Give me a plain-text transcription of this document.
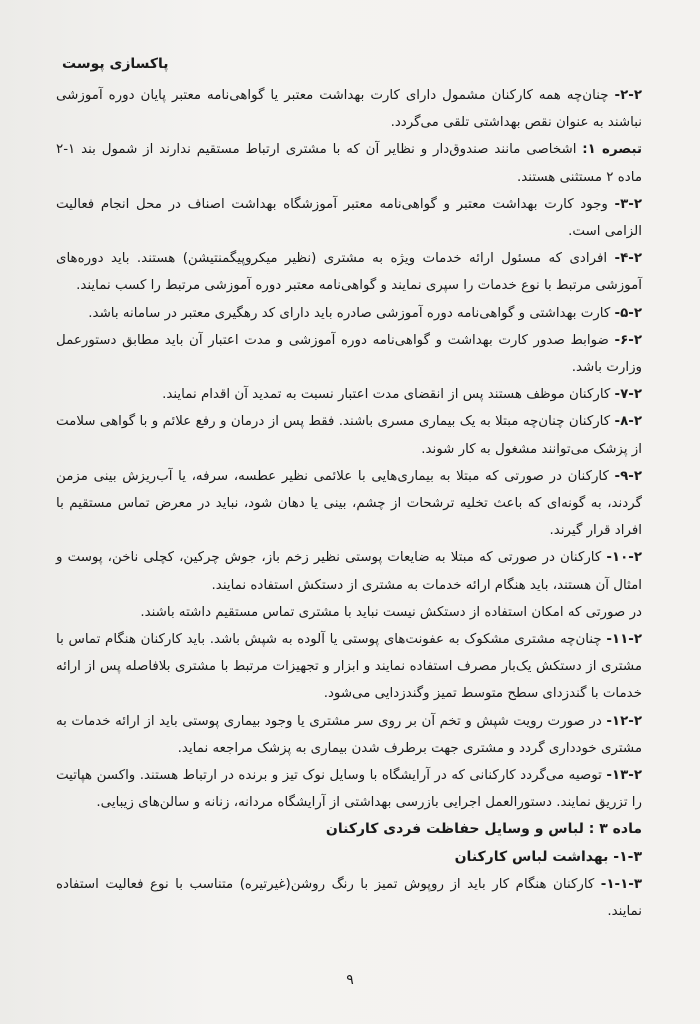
پاکسازی پوست

۲-۲- چنان‌چه همه کارکنان مشمول دارای کارت بهداشت معتبر یا گواهی‌نامه معتبر پایان دوره آموزشی نباشند به عنوان نقص بهداشتی تلقی می‌گردد.

تبصره ۱: اشخاصی مانند صندوق‌دار و نظایر آن که با مشتری ارتباط مستقیم ندارند از شمول بند ۱-۲ ماده ۲ مستثنی هستند.

۳-۲- وجود کارت بهداشت معتبر و گواهی‌نامه معتبر آموزشگاه بهداشت اصناف در محل انجام فعالیت الزامی است.

۴-۲- افرادی که مسئول ارائه خدمات ویژه به مشتری (نظیر میکروپیگمنتیشن) هستند. باید دوره‌های آموزشی مرتبط با نوع خدمات را سپری نمایند و گواهی‌نامه معتبر دوره آموزشی مرتبط را کسب نمایند.

۵-۲- کارت بهداشتی و گواهی‌نامه دوره آموزشی صادره باید دارای کد رهگیری معتبر در سامانه باشد.

۶-۲- ضوابط صدور کارت بهداشت و گواهی‌نامه دوره آموزشی و مدت اعتبار آن باید مطابق دستورعمل وزارت باشد.

۷-۲- کارکنان موظف هستند پس از انقضای مدت اعتبار نسبت به تمدید آن اقدام نمایند.

۸-۲- کارکنان چنان‌چه مبتلا به یک بیماری مسری باشند. فقط پس از درمان و رفع علائم و با گواهی سلامت از پزشک می‌توانند مشغول به کار شوند.

۹-۲- کارکنان در صورتی که مبتلا به بیماری‌هایی با علائمی نظیر عطسه، سرفه، یا آب‌ریزش بینی مزمن گردند، به گونه‌ای که باعث تخلیه ترشحات از چشم، بینی یا دهان شود، نباید در معرض تماس مستقیم با افراد قرار گیرند.

۱۰-۲- کارکنان در صورتی که مبتلا به ضایعات پوستی نظیر زخم باز، جوش چرکین، کچلی ناخن، پوست و امثال آن هستند، باید هنگام ارائه خدمات به مشتری از دستکش استفاده نمایند.

در صورتی که امکان استفاده از دستکش نیست نباید با مشتری تماس مستقیم داشته باشند.

۱۱-۲- چنان‌چه مشتری مشکوک به عفونت‌های پوستی یا آلوده به شپش باشد. باید کارکنان هنگام تماس با مشتری از دستکش یک‌بار مصرف استفاده نمایند و ابزار و تجهیزات مرتبط با مشتری بلافاصله پس از ارائه خدمات با گندزدای سطح متوسط تمیز وگندزدایی می‌شود.

۱۲-۲- در صورت رویت شپش و تخم آن بر روی سر مشتری یا وجود بیماری پوستی باید از ارائه خدمات به مشتری خودداری گردد و مشتری جهت برطرف شدن بیماری به پزشک مراجعه نماید.

۱۳-۲- توصیه می‌گردد کارکنانی که در آرایشگاه با وسایل نوک تیز و برنده در ارتباط هستند. واکسن هپاتیت را تزریق نمایند. دستورالعمل اجرایی بازرسی بهداشتی از آرایشگاه مردانه، زنانه و سالن‌های زیبایی.

ماده ۳ : لباس و وسایل حفاظت فردی کارکنان

۱-۳- بهداشت لباس کارکنان

۱-۱-۳- کارکنان هنگام کار باید از روپوش تمیز با رنگ روشن(غیرتیره) متناسب با نوع فعالیت استفاده نمایند.

۹
